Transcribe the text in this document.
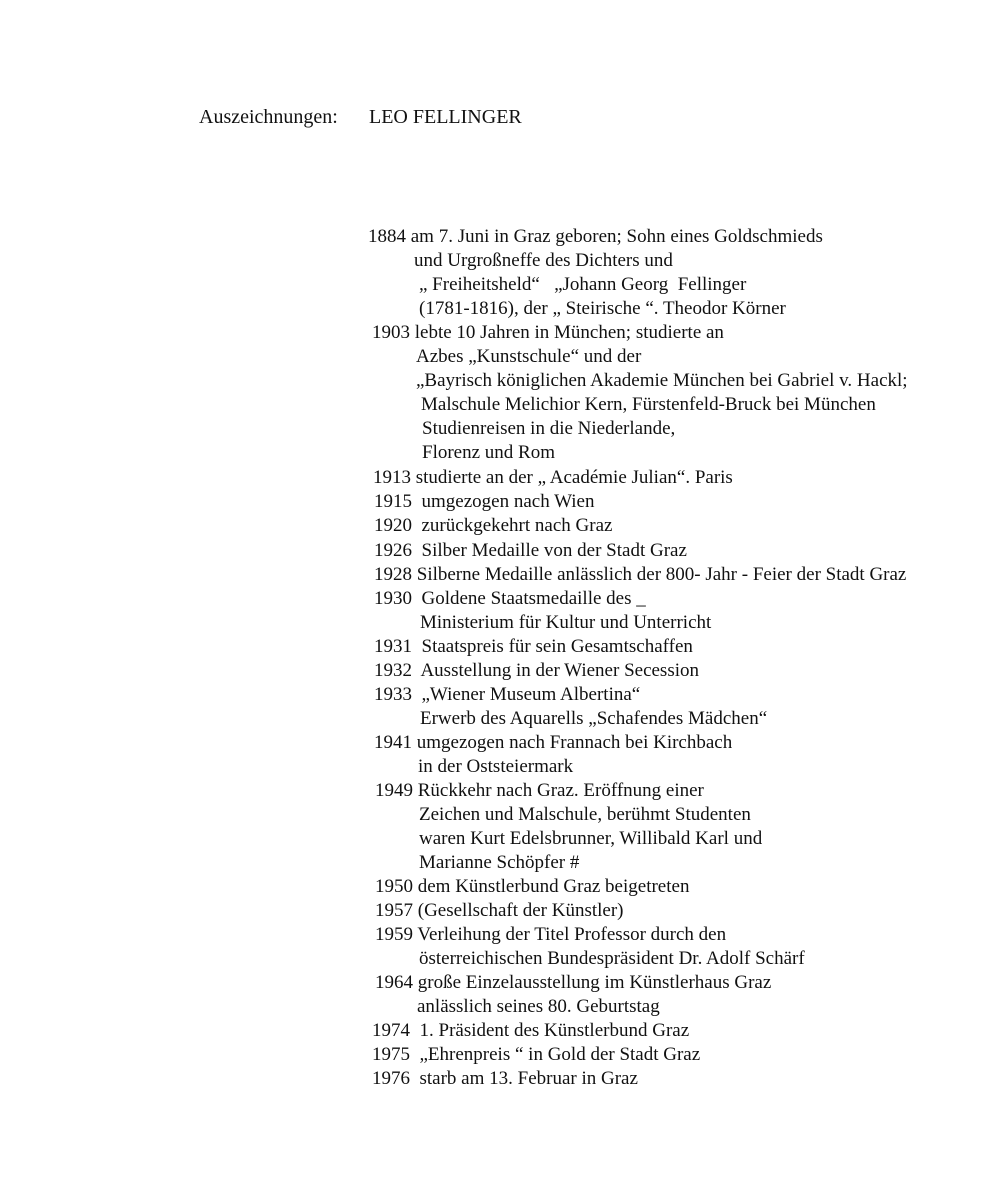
Auszeichnungen: LEO FELLINGER
1884 am 7. Juni in Graz geboren; Sohn eines Goldschmieds
und Urgroßneffe des Dichters und
„ Freiheitsheld“   „Johann Georg  Fellinger
(1781-1816), der „ Steirische “. Theodor Körner
1903 lebte 10 Jahren in München; studierte an
Azbes „Kunstschule“ und der
„Bayrisch königlichen Akademie München bei Gabriel v. Hackl;
Malschule Melichior Kern, Fürstenfeld-Bruck bei München
Studienreisen in die Niederlande,
Florenz und Rom
1913 studierte an der „ Académie Julian“. Paris
1915  umgezogen nach Wien
1920  zurückgekehrt nach Graz
1926  Silber Medaille von der Stadt Graz
1928 Silberne Medaille anlässlich der 800- Jahr - Feier der Stadt Graz
1930  Goldene Staatsmedaille des _
Ministerium für Kultur und Unterricht
1931  Staatspreis für sein Gesamtschaffen
1932  Ausstellung in der Wiener Secession
1933  „Wiener Museum Albertina“
Erwerb des Aquarells „Schafendes Mädchen“
1941 umgezogen nach Frannach bei Kirchbach
in der Oststeiermark
1949 Rückkehr nach Graz. Eröffnung einer
Zeichen und Malschule, berühmt Studenten
waren Kurt Edelsbrunner, Willibald Karl und
Marianne Schöpfer #
1950 dem Künstlerbund Graz beigetreten
1957 (Gesellschaft der Künstler)
1959 Verleihung der Titel Professor durch den
österreichischen Bundespräsident Dr. Adolf Schärf
1964 große Einzelausstellung im Künstlerhaus Graz
anlässlich seines 80. Geburtstag
1974  1. Präsident des Künstlerbund Graz
1975  „Ehrenpreis “ in Gold der Stadt Graz
1976  starb am 13. Februar in Graz
